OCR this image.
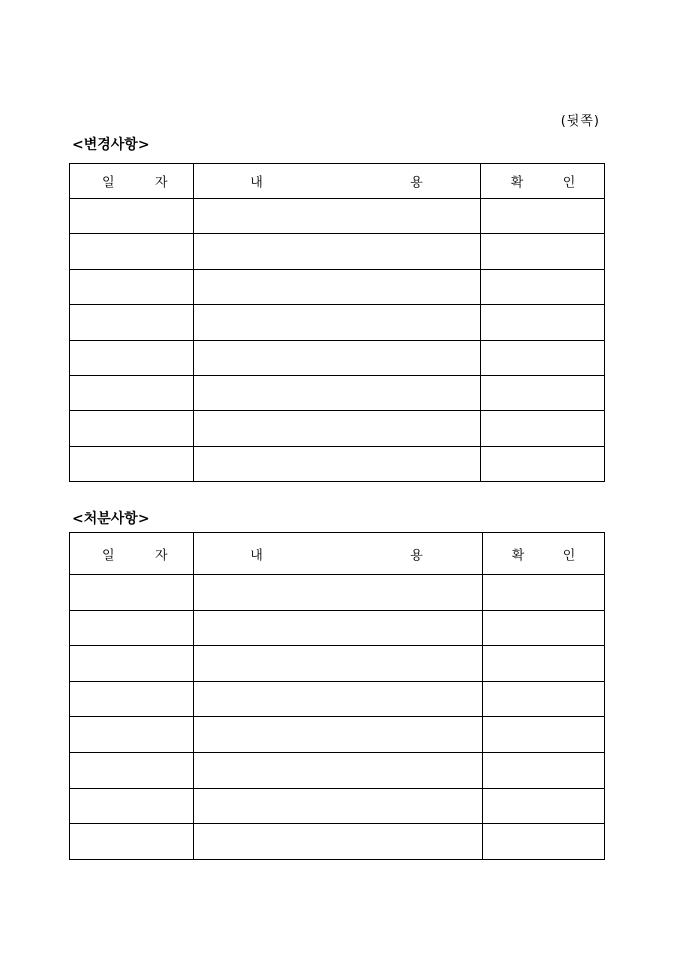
(뒷쪽)
<변경사항>
일 자	내 용	확 인

<처분사항>
일 자	내 용	확 인
